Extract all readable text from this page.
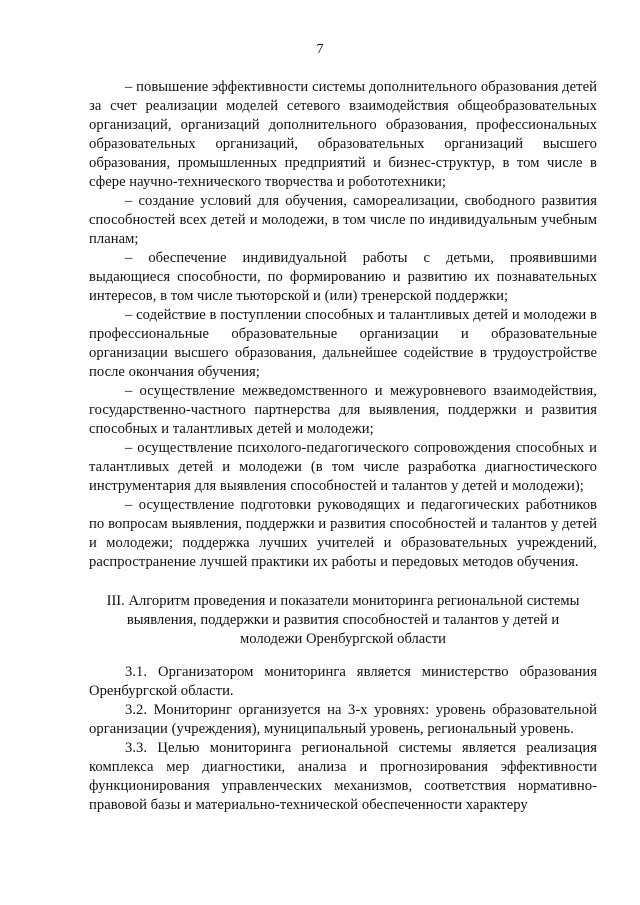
7

– повышение эффективности системы дополнительного образования детей за счет реализации моделей сетевого взаимодействия общеобразовательных организаций, организаций дополнительного образования, профессиональных образовательных организаций, образовательных организаций высшего образования, промышленных предприятий и бизнес-структур, в том числе в сфере научно-технического творчества и робототехники;

– создание условий для обучения, самореализации, свободного развития способностей всех детей и молодежи, в том числе по индивидуальным учебным планам;

– обеспечение индивидуальной работы с детьми, проявившими выдающиеся способности, по формированию и развитию их познавательных интересов, в том числе тьюторской и (или) тренерской поддержки;

– содействие в поступлении способных и талантливых детей и молодежи в профессиональные образовательные организации и образовательные организации высшего образования, дальнейшее содействие в трудоустройстве после окончания обучения;

– осуществление межведомственного и межуровневого взаимодействия, государственно-частного партнерства для выявления, поддержки и развития способных и талантливых детей и молодежи;

– осуществление психолого-педагогического сопровождения способных и талантливых детей и молодежи (в том числе разработка диагностического инструментария для выявления способностей и талантов у детей и молодежи);

– осуществление подготовки руководящих и педагогических работников по вопросам выявления, поддержки и развития способностей и талантов у детей и молодежи; поддержка лучших учителей и образовательных учреждений, распространение лучшей практики их работы и передовых методов обучения.

III. Алгоритм проведения и показатели мониторинга региональной системы
выявления, поддержки и развития способностей и талантов у детей и
молодежи Оренбургской области

3.1. Организатором мониторинга является министерство образования Оренбургской области.

3.2. Мониторинг организуется на 3-х уровнях: уровень образовательной организации (учреждения), муниципальный уровень, региональный уровень.

3.3. Целью мониторинга региональной системы является реализация комплекса мер диагностики, анализа и прогнозирования эффективности функционирования управленческих механизмов, соответствия нормативно-правовой базы и материально-технической обеспеченности характеру
